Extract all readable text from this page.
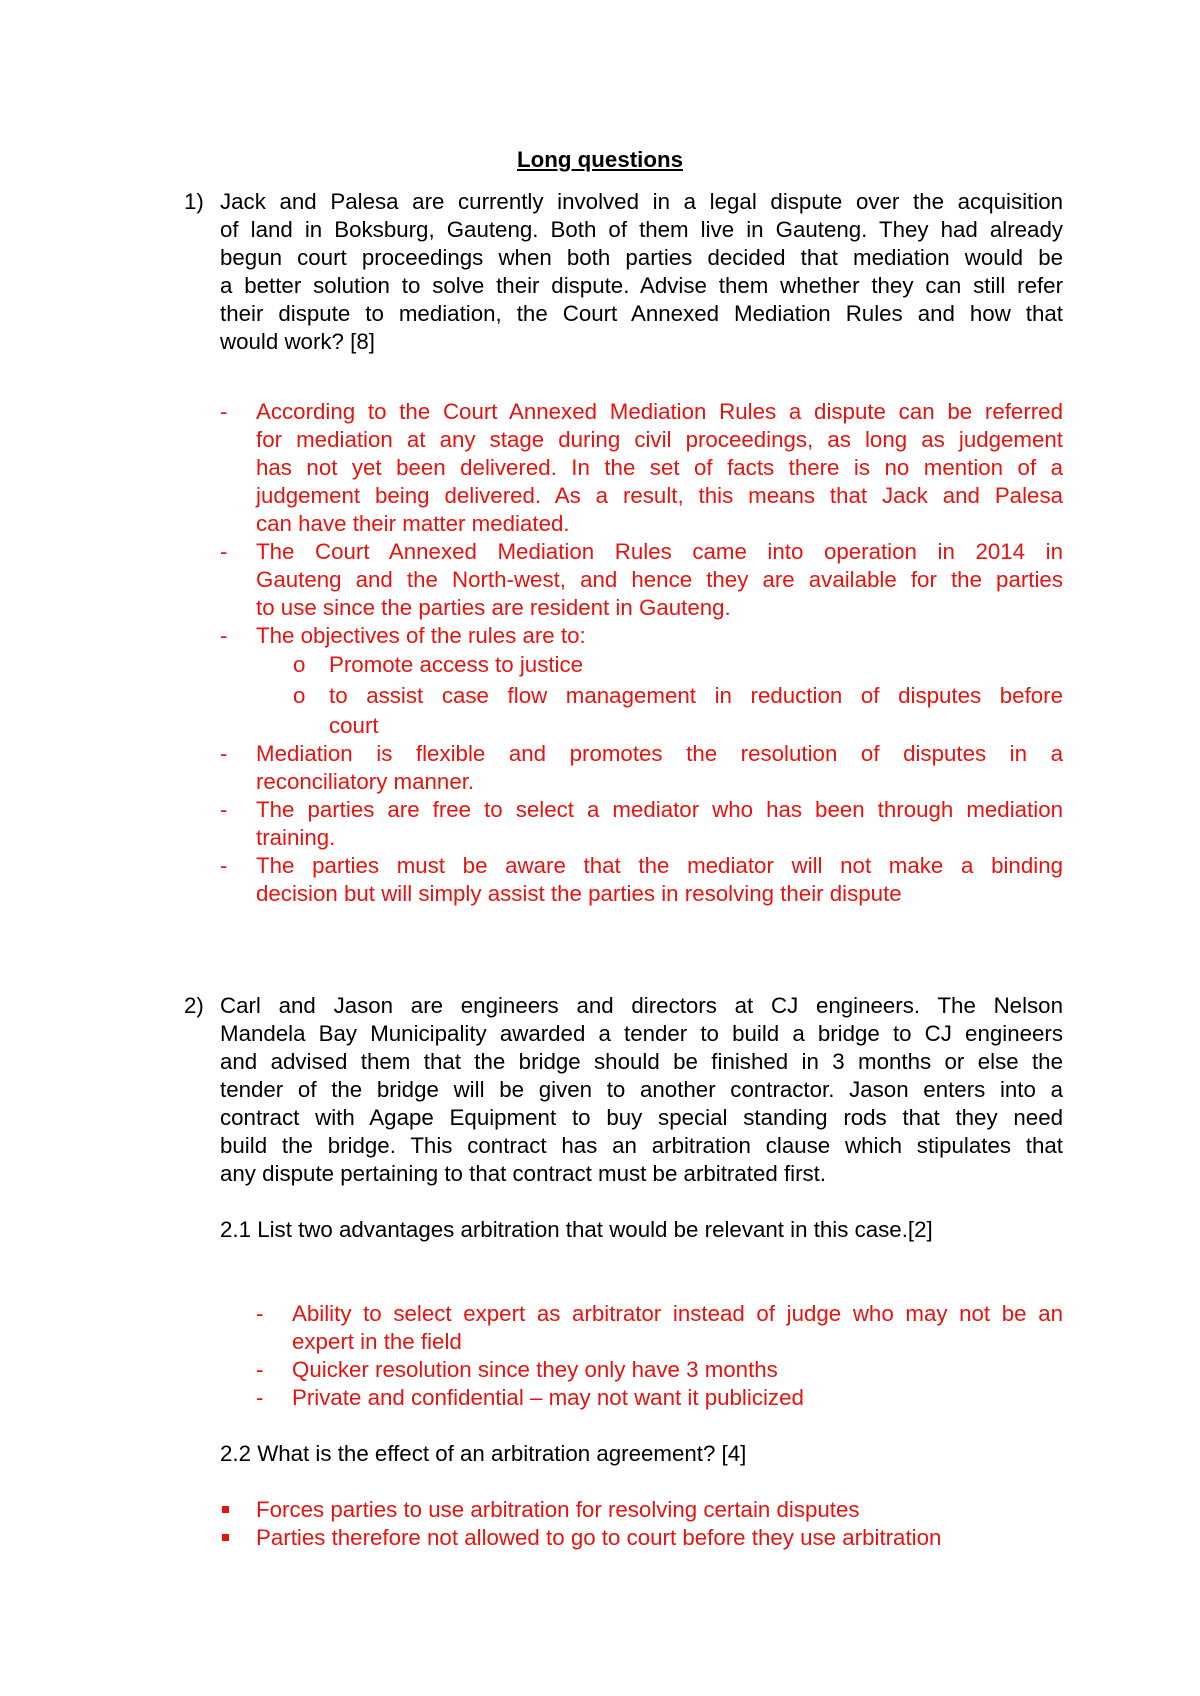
Long questions
1) Jack and Palesa are currently involved in a legal dispute over the acquisition
of land in Boksburg, Gauteng. Both of them live in Gauteng. They had already
begun court proceedings when both parties decided that mediation would be
a better solution to solve their dispute. Advise them whether they can still refer
their dispute to mediation, the Court Annexed Mediation Rules and how that
would work? [8]
- According to the Court Annexed Mediation Rules a dispute can be referred
for mediation at any stage during civil proceedings, as long as judgement
has not yet been delivered. In the set of facts there is no mention of a
judgement being delivered. As a result, this means that Jack and Palesa
can have their matter mediated.
- The Court Annexed Mediation Rules came into operation in 2014 in
Gauteng and the North-west, and hence they are available for the parties
to use since the parties are resident in Gauteng.
- The objectives of the rules are to:
o Promote access to justice
o to assist case flow management in reduction of disputes before
court
- Mediation is flexible and promotes the resolution of disputes in a
reconciliatory manner.
- The parties are free to select a mediator who has been through mediation
training.
- The parties must be aware that the mediator will not make a binding
decision but will simply assist the parties in resolving their dispute
2) Carl and Jason are engineers and directors at CJ engineers. The Nelson
Mandela Bay Municipality awarded a tender to build a bridge to CJ engineers
and advised them that the bridge should be finished in 3 months or else the
tender of the bridge will be given to another contractor. Jason enters into a
contract with Agape Equipment to buy special standing rods that they need
build the bridge. This contract has an arbitration clause which stipulates that
any dispute pertaining to that contract must be arbitrated first.
2.1 List two advantages arbitration that would be relevant in this case.[2]
- Ability to select expert as arbitrator instead of judge who may not be an
expert in the field
- Quicker resolution since they only have 3 months
- Private and confidential – may not want it publicized
2.2 What is the effect of an arbitration agreement? [4]
Forces parties to use arbitration for resolving certain disputes
Parties therefore not allowed to go to court before they use arbitration
